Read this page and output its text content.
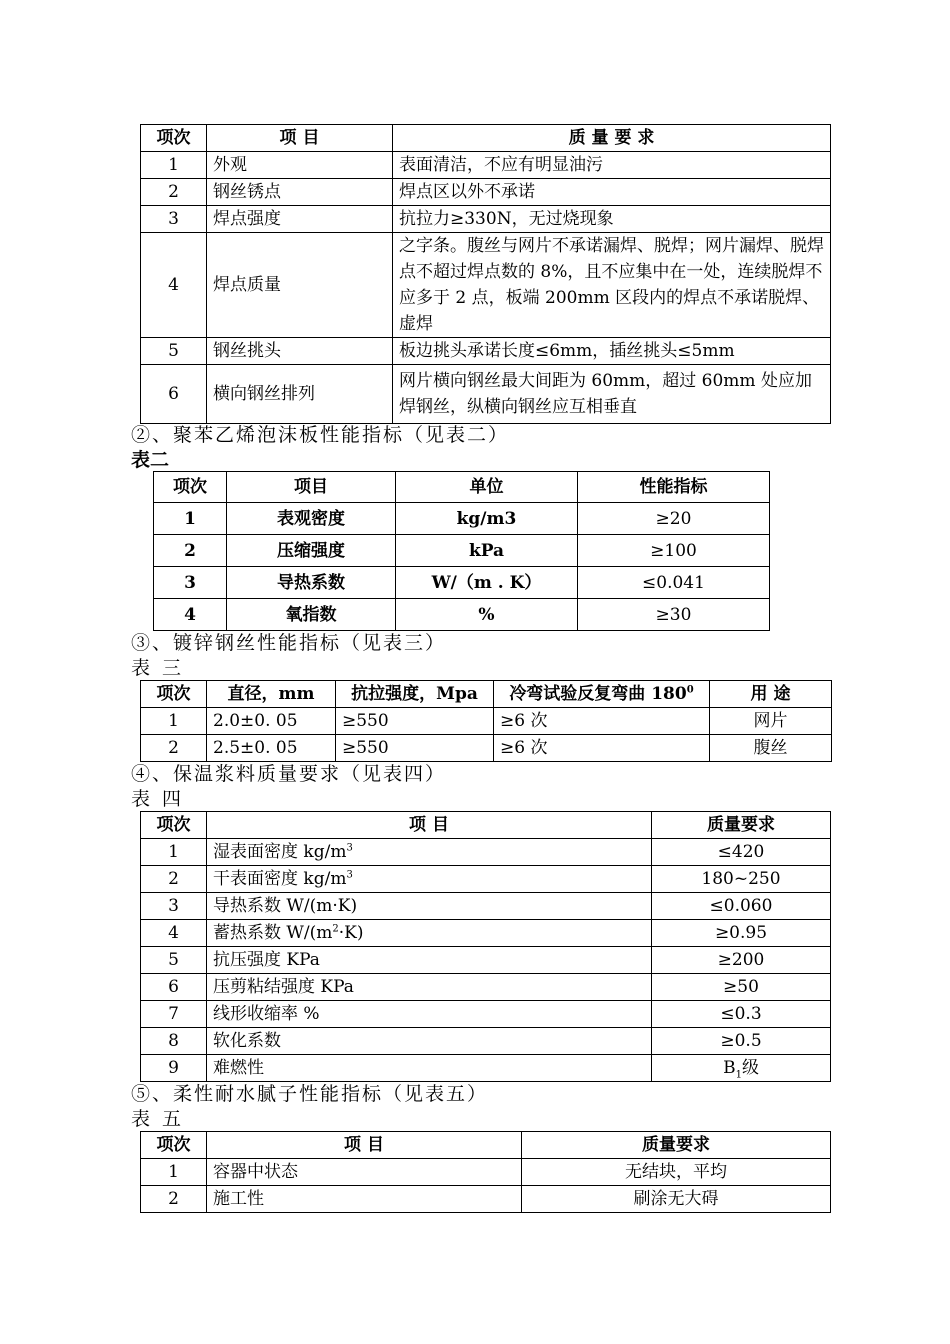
项次	项 目	质 量 要 求
1	外观	表面清洁，不应有明显油污
2	钢丝锈点	焊点区以外不承诺
3	焊点强度	抗拉力≥330N，无过烧现象
4	焊点质量	之字条。腹丝与网片不承诺漏焊、脱焊；网片漏焊、脱焊点不超过焊点数的 8%，且不应集中在一处，连续脱焊不应多于 2 点，板端 200mm 区段内的焊点不承诺脱焊、虚焊
5	钢丝挑头	板边挑头承诺长度≤6mm，插丝挑头≤5mm
6	横向钢丝排列	网片横向钢丝最大间距为 60mm，超过 60mm 处应加焊钢丝，纵横向钢丝应互相垂直
②、聚苯乙烯泡沫板性能指标（见表二）
表二
项次	项目	单位	性能指标
1	表观密度	kg/m3	≥20
2	压缩强度	kPa	≥100
3	导热系数	W/（m . K）	≤0.041
4	氧指数	%	≥30
③、镀锌钢丝性能指标（见表三）
表 三
项次	直径，mm	抗拉强度，Mpa	冷弯试验反复弯曲 $180^0$	用 途
1	2.0±0. 05	≥550	≥6 次	网片
2	2.5±0. 05	≥550	≥6 次	腹丝
④、保温浆料质量要求（见表四）
表 四
项次	项 目	质量要求
1	湿表面密度 $kg/m^3$	≤420
2	干表面密度 $kg/m^3$	180~250
3	导热系数 W/(m·K)	≤0.060
4	蓄热系数 $W/(m^2\cdot K)$	≥0.95
5	抗压强度 KPa	≥200
6	压剪粘结强度 KPa	≥50
7	线形收缩率 %	≤0.3
8	软化系数	≥0.5
9	难燃性	$B_1$级
⑤、柔性耐水腻子性能指标（见表五）
表 五
项次	项 目	质量要求
1	容器中状态	无结块，平均
2	施工性	刷涂无大碍
